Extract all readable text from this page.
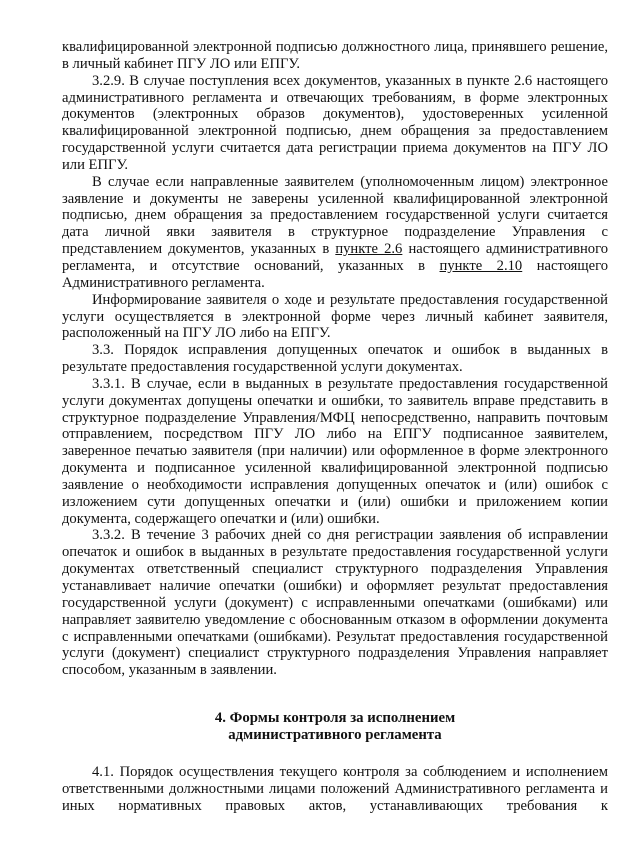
квалифицированной электронной подписью должностного лица, принявшего решение, в личный кабинет ПГУ ЛО или ЕПГУ.

3.2.9. В случае поступления всех документов, указанных в пункте 2.6 настоящего административного регламента и отвечающих требованиям, в форме электронных документов (электронных образов документов), удостоверенных усиленной квалифицированной электронной подписью, днем обращения за предоставлением государственной услуги считается дата регистрации приема документов на ПГУ ЛО или ЕПГУ.

В случае если направленные заявителем (уполномоченным лицом) электронное заявление и документы не заверены усиленной квалифицированной электронной подписью, днем обращения за предоставлением государственной услуги считается дата личной явки заявителя в структурное подразделение Управления с представлением документов, указанных в пункте 2.6 настоящего административного регламента, и отсутствие оснований, указанных в пункте 2.10 настоящего Административного регламента.

Информирование заявителя о ходе и результате предоставления государственной услуги осуществляется в электронной форме через личный кабинет заявителя, расположенный на ПГУ ЛО либо на ЕПГУ.

3.3. Порядок исправления допущенных опечаток и ошибок в выданных в результате предоставления государственной услуги документах.

3.3.1. В случае, если в выданных в результате предоставления государственной услуги документах допущены опечатки и ошибки, то заявитель вправе представить в структурное подразделение Управления/МФЦ непосредственно, направить почтовым отправлением, посредством ПГУ ЛО либо на ЕПГУ подписанное заявителем, заверенное печатью заявителя (при наличии) или оформленное в форме электронного документа и подписанное усиленной квалифицированной электронной подписью заявление о необходимости исправления допущенных опечаток и (или) ошибок с изложением сути допущенных опечатки и (или) ошибки и приложением копии документа, содержащего опечатки и (или) ошибки.

3.3.2. В течение 3 рабочих дней со дня регистрации заявления об исправлении опечаток и ошибок в выданных в результате предоставления государственной услуги документах ответственный специалист структурного подразделения Управления устанавливает наличие опечатки (ошибки) и оформляет результат предоставления государственной услуги (документ) с исправленными опечатками (ошибками) или направляет заявителю уведомление с обоснованным отказом в оформлении документа с исправленными опечатками (ошибками). Результат предоставления государственной услуги (документ) специалист структурного подразделения Управления направляет способом, указанным в заявлении.

4. Формы контроля за исполнением
административного регламента

4.1. Порядок осуществления текущего контроля за соблюдением и исполнением ответственными должностными лицами положений Административного регламента и иных нормативных правовых актов, устанавливающих требования к
